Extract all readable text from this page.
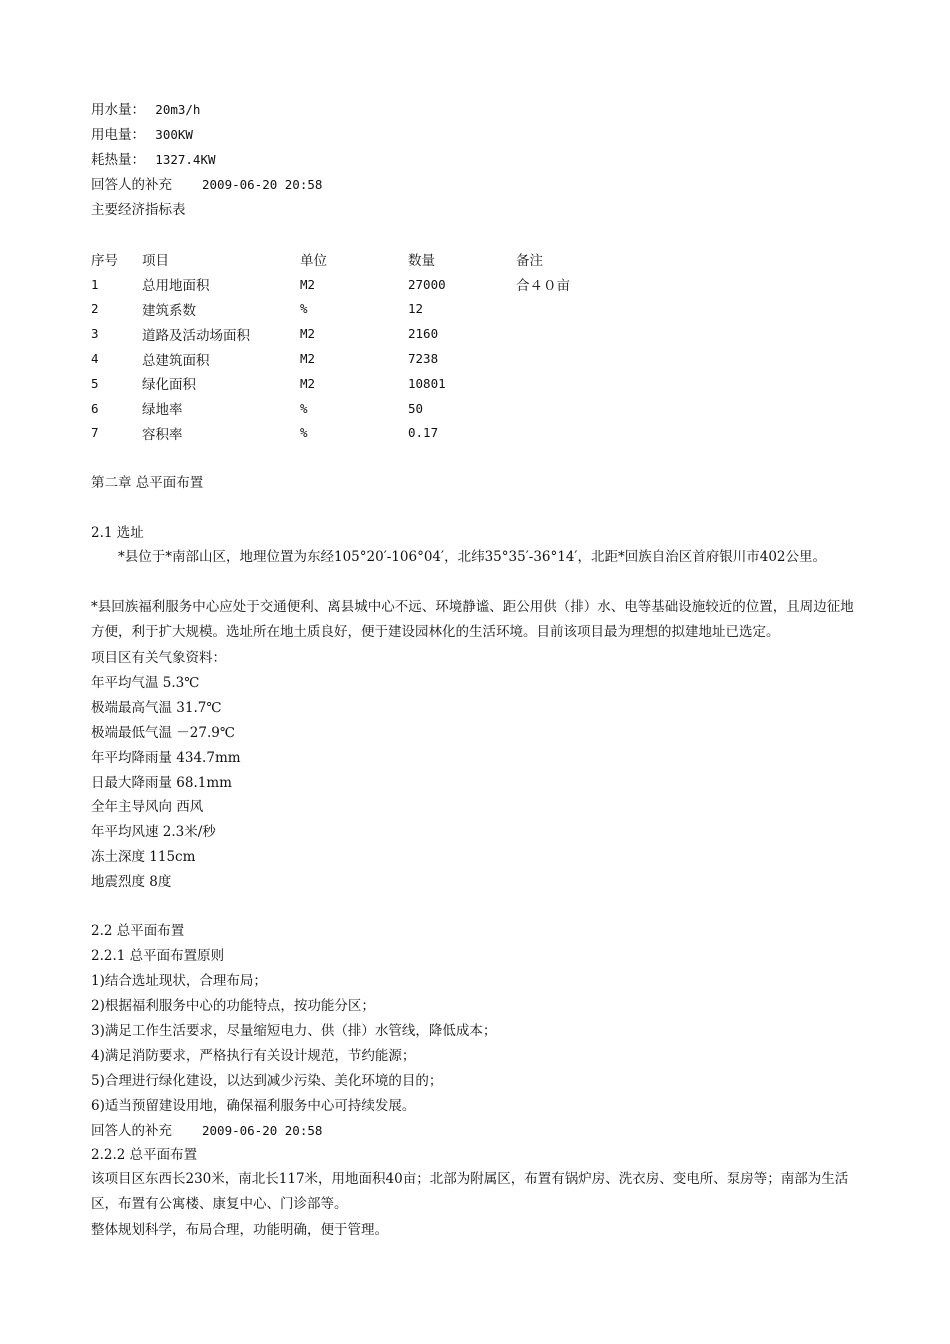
用水量： 20m3/h
用电量： 300KW
耗热量： 1327.4KW
回答人的补充 2009-06-20 20:58
主要经济指标表
序号	项目	单位	数量	备注
1	总用地面积	M2	27000	合４０亩
2	建筑系数	%	12	
3	道路及活动场面积	M2	2160	
4	总建筑面积	M2	7238	
5	绿化面积	M2	10801	
6	绿地率	%	50	
7	容积率	%	0.17	
第二章 总平面布置
2.1 选址
*县位于*南部山区，地理位置为东经105°20′-106°04′，北纬35°35′-36°14′，北距*回族自治区首府银川市402公里。
*县回族福利服务中心应处于交通便利、离县城中心不远、环境静谧、距公用供（排）水、电等基础设施较近的位置，且周边征地方便，利于扩大规模。选址所在地土质良好，便于建设园林化的生活环境。目前该项目最为理想的拟建地址已选定。
项目区有关气象资料：
年平均气温 5.3℃
极端最高气温 31.7℃
极端最低气温 －27.9℃
年平均降雨量 434.7mm
日最大降雨量 68.1mm
全年主导风向 西风
年平均风速 2.3米/秒
冻土深度 115cm
地震烈度 8度
2.2 总平面布置
2.2.1 总平面布置原则
1)结合选址现状，合理布局；
2)根据福利服务中心的功能特点，按功能分区；
3)满足工作生活要求，尽量缩短电力、供（排）水管线，降低成本；
4)满足消防要求，严格执行有关设计规范，节约能源；
5)合理进行绿化建设，以达到减少污染、美化环境的目的；
6)适当预留建设用地，确保福利服务中心可持续发展。
回答人的补充 2009-06-20 20:58
2.2.2 总平面布置
该项目区东西长230米，南北长117米，用地面积40亩；北部为附属区，布置有锅炉房、洗衣房、变电所、泵房等；南部为生活区，布置有公寓楼、康复中心、门诊部等。
整体规划科学，布局合理，功能明确，便于管理。
